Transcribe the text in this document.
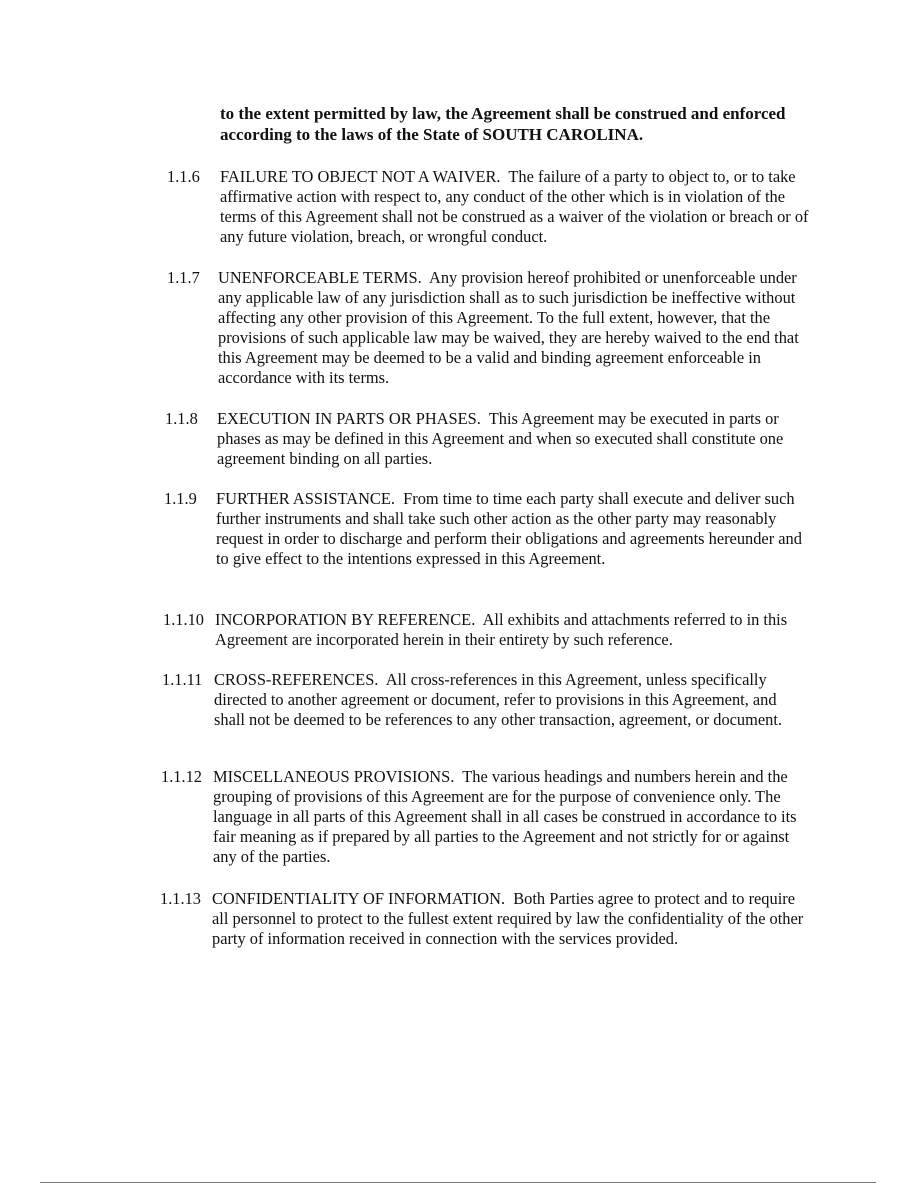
to the extent permitted by law, the Agreement shall be construed and enforced according to the laws of the State of SOUTH CAROLINA.
1.1.6 FAILURE TO OBJECT NOT A WAIVER. The failure of a party to object to, or to take affirmative action with respect to, any conduct of the other which is in violation of the terms of this Agreement shall not be construed as a waiver of the violation or breach or of any future violation, breach, or wrongful conduct.
1.1.7 UNENFORCEABLE TERMS. Any provision hereof prohibited or unenforceable under any applicable law of any jurisdiction shall as to such jurisdiction be ineffective without affecting any other provision of this Agreement. To the full extent, however, that the provisions of such applicable law may be waived, they are hereby waived to the end that this Agreement may be deemed to be a valid and binding agreement enforceable in accordance with its terms.
1.1.8 EXECUTION IN PARTS OR PHASES. This Agreement may be executed in parts or phases as may be defined in this Agreement and when so executed shall constitute one agreement binding on all parties.
1.1.9 FURTHER ASSISTANCE. From time to time each party shall execute and deliver such further instruments and shall take such other action as the other party may reasonably request in order to discharge and perform their obligations and agreements hereunder and to give effect to the intentions expressed in this Agreement.
1.1.10 INCORPORATION BY REFERENCE. All exhibits and attachments referred to in this Agreement are incorporated herein in their entirety by such reference.
1.1.11 CROSS-REFERENCES. All cross-references in this Agreement, unless specifically directed to another agreement or document, refer to provisions in this Agreement, and shall not be deemed to be references to any other transaction, agreement, or document.
1.1.12 MISCELLANEOUS PROVISIONS. The various headings and numbers herein and the grouping of provisions of this Agreement are for the purpose of convenience only. The language in all parts of this Agreement shall in all cases be construed in accordance to its fair meaning as if prepared by all parties to the Agreement and not strictly for or against any of the parties.
1.1.13 CONFIDENTIALITY OF INFORMATION. Both Parties agree to protect and to require all personnel to protect to the fullest extent required by law the confidentiality of the other party of information received in connection with the services provided.
